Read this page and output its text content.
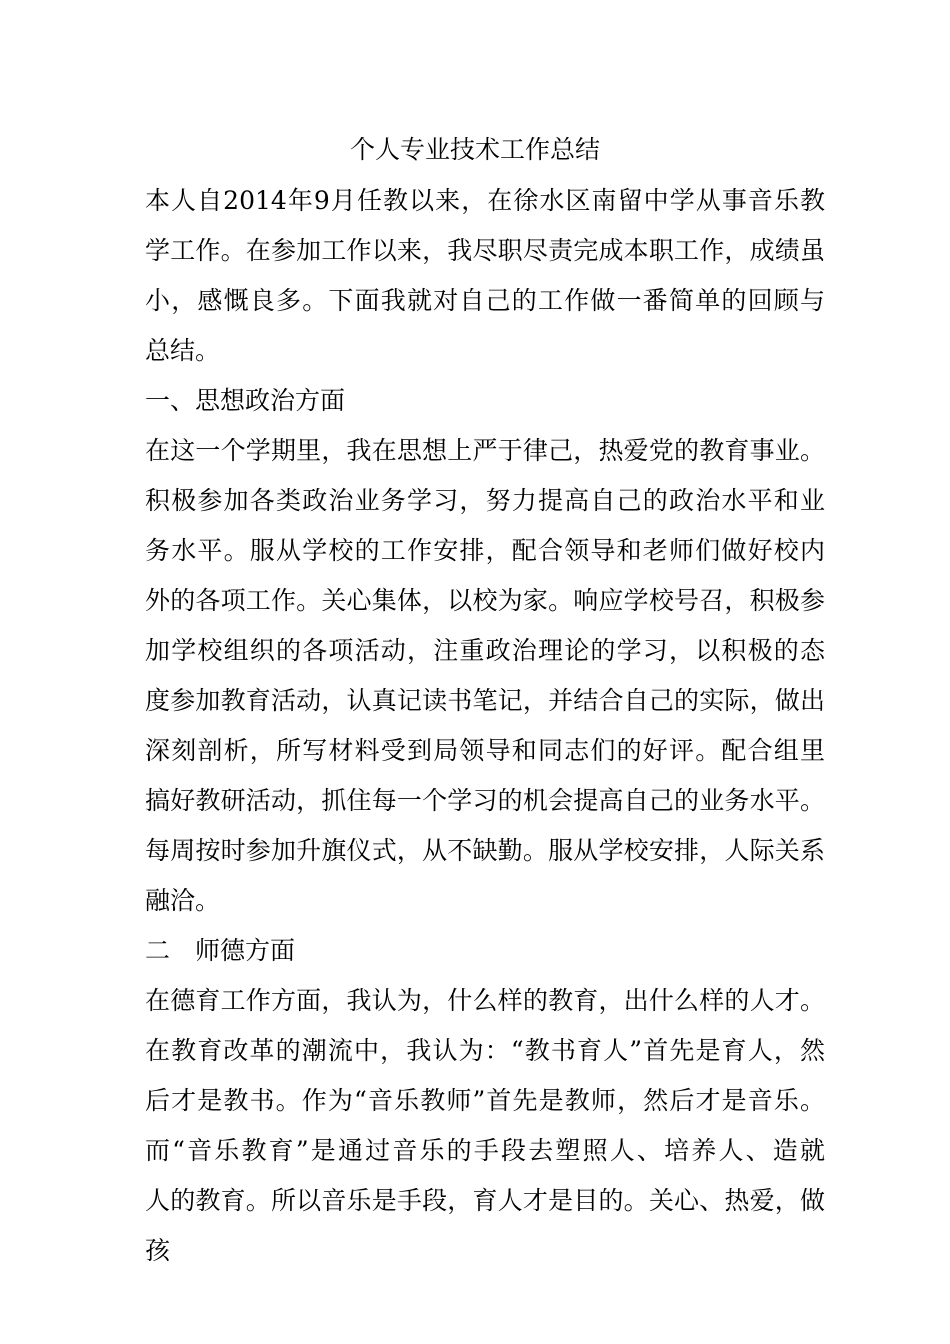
个人专业技术工作总结
本人自2014年9月任教以来，在徐水区南留中学从事音乐教
学工作。在参加工作以来，我尽职尽责完成本职工作，成绩虽
小，感慨良多。下面我就对自己的工作做一番简单的回顾与
总结。
一、思想政治方面
在这一个学期里，我在思想上严于律己，热爱党的教育事业。
积极参加各类政治业务学习，努力提高自己的政治水平和业
务水平。服从学校的工作安排，配合领导和老师们做好校内
外的各项工作。关心集体，以校为家。响应学校号召，积极参
加学校组织的各项活动，注重政治理论的学习，以积极的态
度参加教育活动，认真记读书笔记，并结合自己的实际，做出
深刻剖析，所写材料受到局领导和同志们的好评。配合组里
搞好教研活动，抓住每一个学习的机会提高自己的业务水平。
每周按时参加升旗仪式，从不缺勤。服从学校安排，人际关系
融洽。
二　师德方面
在德育工作方面，我认为，什么样的教育，出什么样的人才。
在教育改革的潮流中，我认为：“教书育人”首先是育人，然
后才是教书。作为“音乐教师”首先是教师，然后才是音乐。
而“音乐教育”是通过音乐的手段去塑照人、培养人、造就
人的教育。所以音乐是手段，育人才是目的。关心、热爱，做孩
